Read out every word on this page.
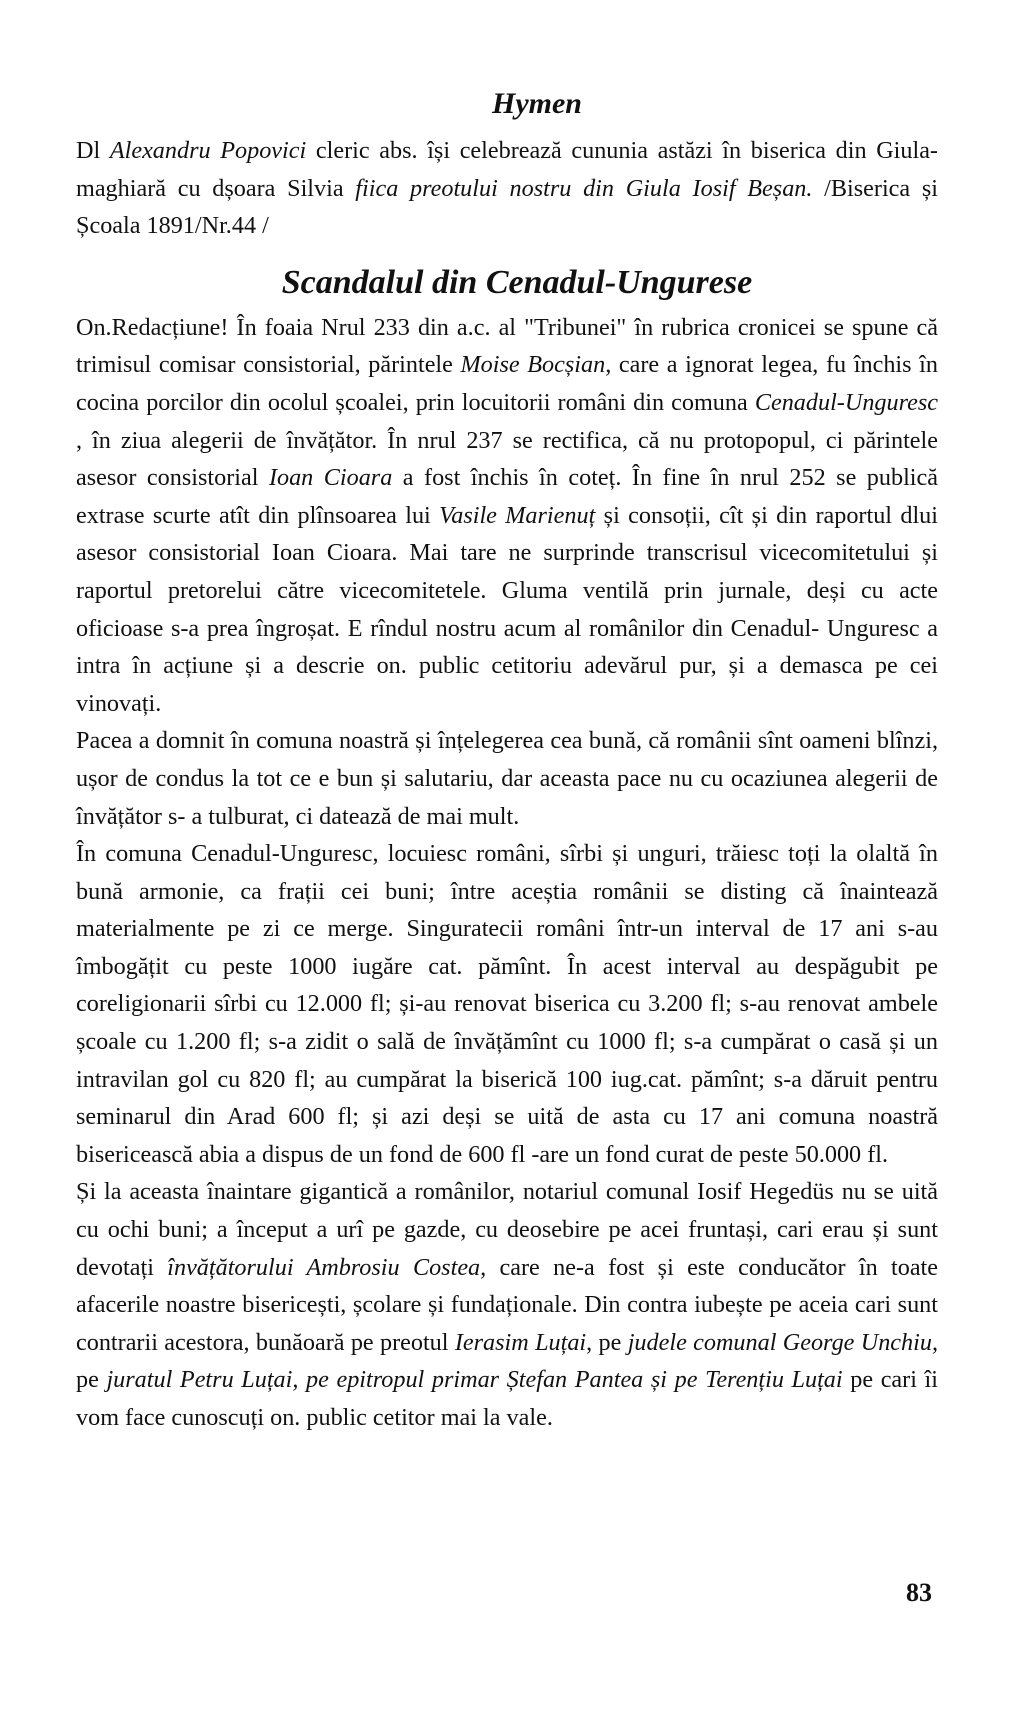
Hymen

Dl Alexandru Popovici cleric abs. își celebrează cununia astăzi în biserica din Giula-maghiară cu dșoara Silvia fiica preotului nostru din Giula Iosif Beșan. /Biserica și Școala 1891/Nr.44 /

Scandalul din Cenadul-Ungurese

On.Redacțiune! În foaia Nrul 233 din a.c. al "Tribunei" în rubrica cronicei se spune că trimisul comisar consistorial, părintele Moise Bocșian, care a ignorat legea, fu închis în cocina porcilor din ocolul școalei, prin locuitorii români din comuna Cenadul-Unguresc , în ziua alegerii de învățător. În nrul 237 se rectifica, că nu protopopul, ci părintele asesor consistorial Ioan Cioara a fost închis în coteț. În fine în nrul 252 se publică extrase scurte atît din plînsoarea lui Vasile Marienuț și consoții, cît și din raportul dlui asesor consistorial Ioan Cioara. Mai tare ne surprinde transcrisul vicecomitetului și raportul pretorelui către vicecomitetele. Gluma ventilă prin jurnale, deși cu acte oficioase s-a prea îngroșat. E rîndul nostru acum al românilor din Cenadul- Unguresc a intra în acțiune și a descrie on. public cetitoriu adevărul pur, și a demasca pe cei vinovați.

Pacea a domnit în comuna noastră și înțelegerea cea bună, că românii sînt oameni blînzi, ușor de condus la tot ce e bun și salutariu, dar aceasta pace nu cu ocaziunea alegerii de învățător s- a tulburat, ci datează de mai mult.

În comuna Cenadul-Unguresc, locuiesc români, sîrbi și unguri, trăiesc toți la olaltă în bună armonie, ca frații cei buni; între aceștia românii se disting că înaintează materialmente pe zi ce merge. Singuratecii români într-un interval de 17 ani s-au îmbogățit cu peste 1000 iugăre cat. pămînt. În acest interval au despăgubit pe coreligionarii sîrbi cu 12.000 fl; și-au renovat biserica cu 3.200 fl; s-au renovat ambele școale cu 1.200 fl; s-a zidit o sală de învățămînt cu 1000 fl; s-a cumpărat o casă și un intravilan gol cu 820 fl; au cumpărat la biserică 100 iug.cat. pămînt; s-a dăruit pentru seminarul din Arad 600 fl; și azi deși se uită de asta cu 17 ani comuna noastră bisericească abia a dispus de un fond de 600 fl -are un fond curat de peste 50.000 fl.

Și la aceasta înaintare gigantică a românilor, notariul comunal Iosif Hegedüs nu se uită cu ochi buni; a început a urî pe gazde, cu deosebire pe acei fruntași, cari erau și sunt devotați învățătorului Ambrosiu Costea, care ne-a fost și este conducător în toate afacerile noastre bisericești, școlare și fundaționale. Din contra iubește pe aceia cari sunt contrarii acestora, bunăoară pe preotul Ierasim Luțai, pe judele comunal George Unchiu, pe juratul Petru Luțai, pe epitropul primar Ștefan Pantea și pe Terențiu Luțai pe cari îi vom face cunoscuți on. public cetitor mai la vale.

83
